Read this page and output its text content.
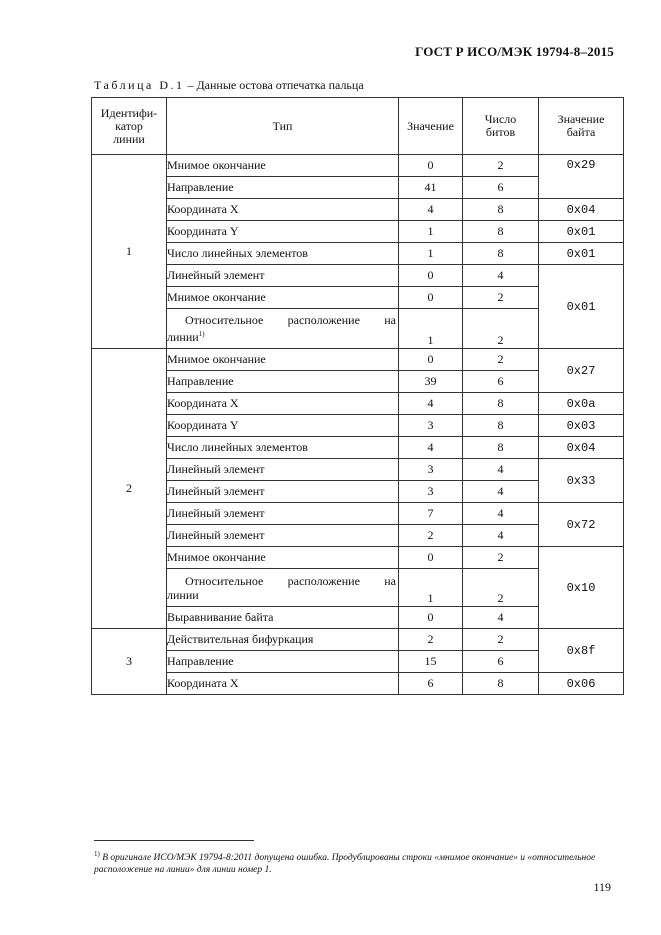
ГОСТ Р ИСО/МЭК 19794-8–2015
Таблица D.1 – Данные остова отпечатка пальца
Идентифи-
катор
линии	Тип	Значение	Число
битов	Значение
байта
1	Мнимое окончание	0	2	0x29
	Направление	41	6	
	Координата X	4	8	0x04
	Координата Y	1	8	0x01
	Число линейных элементов	1	8	0x01
	Линейный элемент	0	4	0x01
	Мнимое окончание	0	2	

	Относительное расположение на
линии$^{1)}$	1	2	
2	Мнимое окончание	0	2	0x27
	Направление	39	6	
	Координата X	4	8	0x0a
	Координата Y	3	8	0x03
	Число линейных элементов	4	8	0x04
	Линейный элемент	3	4	0x33
	Линейный элемент	3	4	
	Линейный элемент	7	4	0x72
	Линейный элемент	2	4	
	Мнимое окончание	0	2	0x10

	Относительное расположение на
линии	1	2	
	Выравнивание байта	0	4	
3	Действительная бифуркация	2	2	0x8f
	Направление	15	6	
	Координата X	6	8	0x06
$^{1)}$ В оригинале ИСО/МЭК 19794-8:2011 допущена ошибка. Продублированы строки «мнимое окончание» и «относительное расположение на линии» для линии номер 1.
119
